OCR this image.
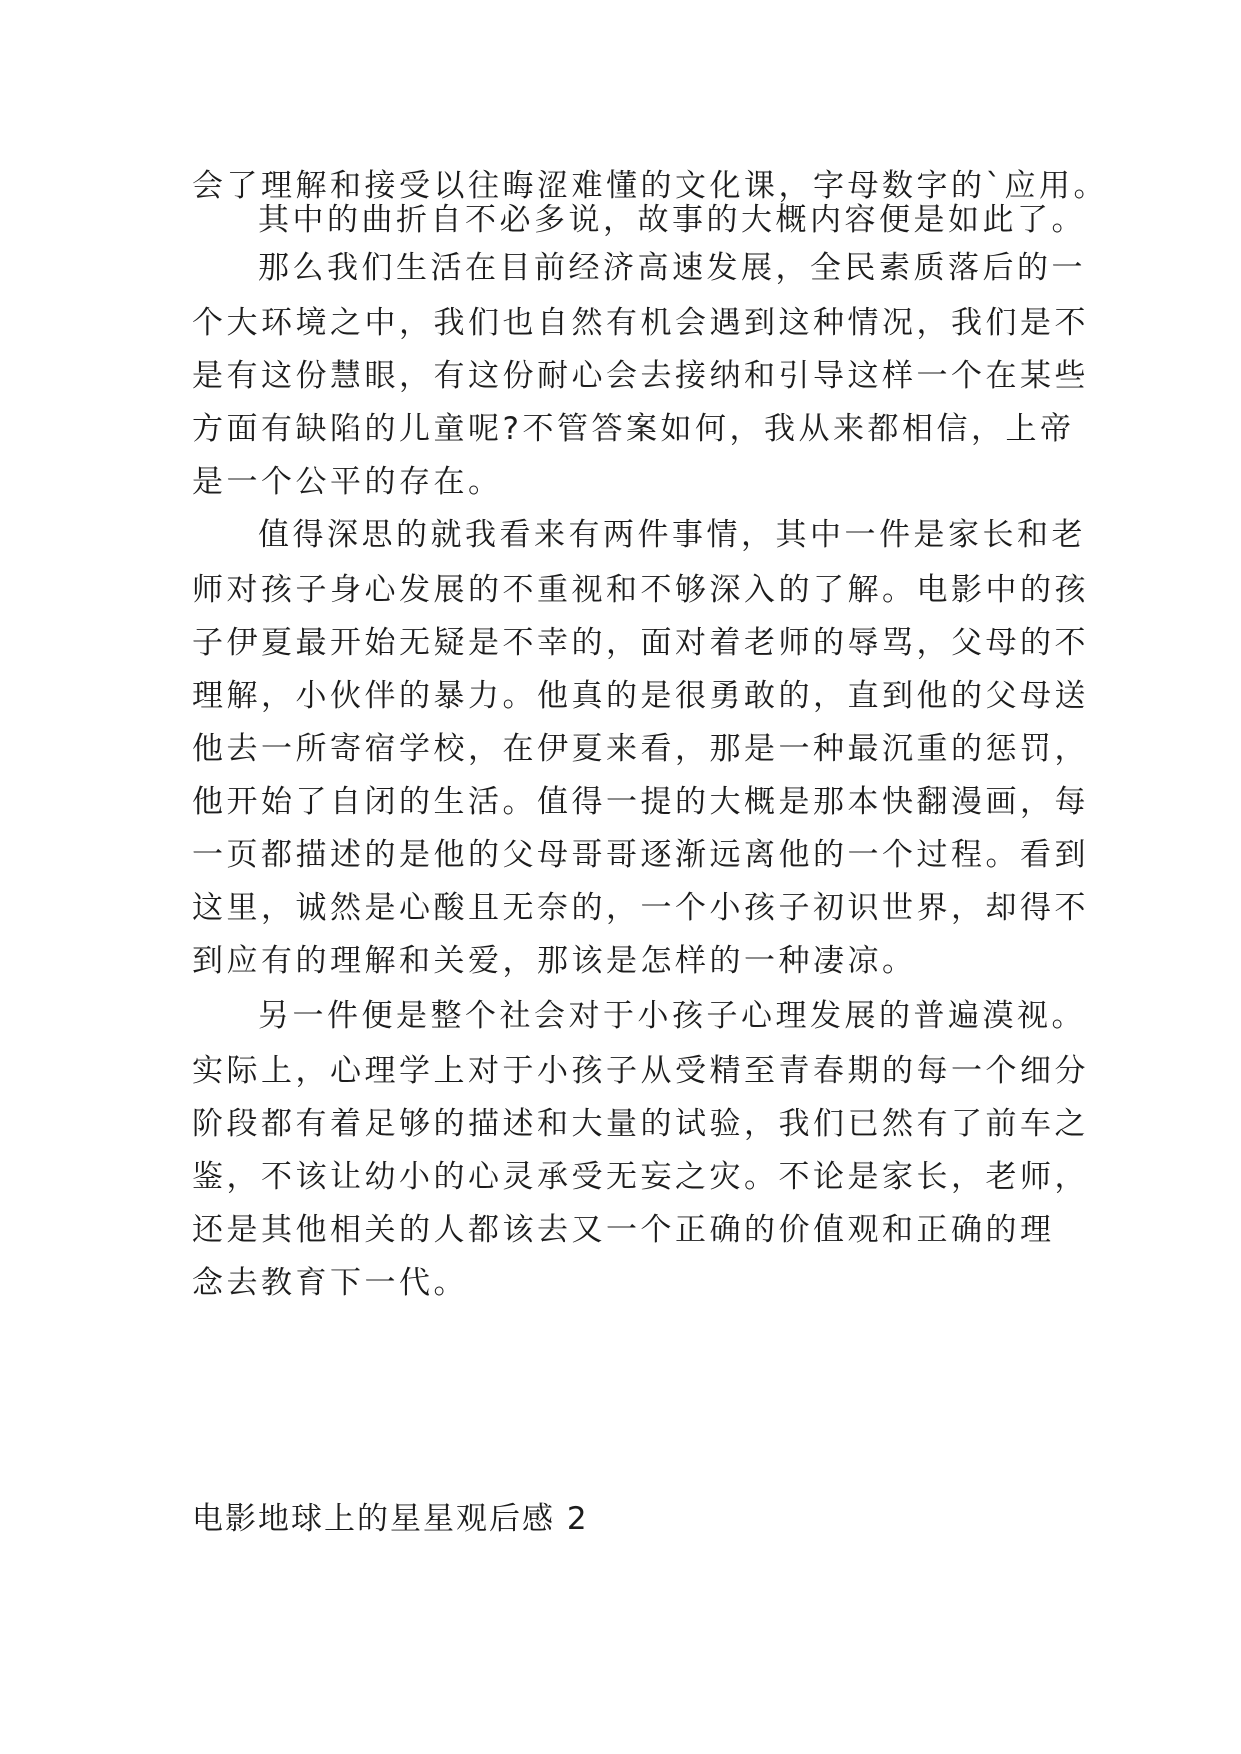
会了理解和接受以往晦涩难懂的文化课，字母数字的`应用。
其中的曲折自不必多说，故事的大概内容便是如此了。
那么我们生活在目前经济高速发展，全民素质落后的一
个大环境之中，我们也自然有机会遇到这种情况，我们是不
是有这份慧眼，有这份耐心会去接纳和引导这样一个在某些
方面有缺陷的儿童呢?不管答案如何，我从来都相信，上帝
是一个公平的存在。
值得深思的就我看来有两件事情，其中一件是家长和老
师对孩子身心发展的不重视和不够深入的了解。电影中的孩
子伊夏最开始无疑是不幸的，面对着老师的辱骂，父母的不
理解，小伙伴的暴力。他真的是很勇敢的，直到他的父母送
他去一所寄宿学校，在伊夏来看，那是一种最沉重的惩罚，
他开始了自闭的生活。值得一提的大概是那本快翻漫画，每
一页都描述的是他的父母哥哥逐渐远离他的一个过程。看到
这里，诚然是心酸且无奈的，一个小孩子初识世界，却得不
到应有的理解和关爱，那该是怎样的一种凄凉。
另一件便是整个社会对于小孩子心理发展的普遍漠视。
实际上，心理学上对于小孩子从受精至青春期的每一个细分
阶段都有着足够的描述和大量的试验，我们已然有了前车之
鉴，不该让幼小的心灵承受无妄之灾。不论是家长，老师，
还是其他相关的人都该去又一个正确的价值观和正确的理
念去教育下一代。
电影地球上的星星观后感 2
